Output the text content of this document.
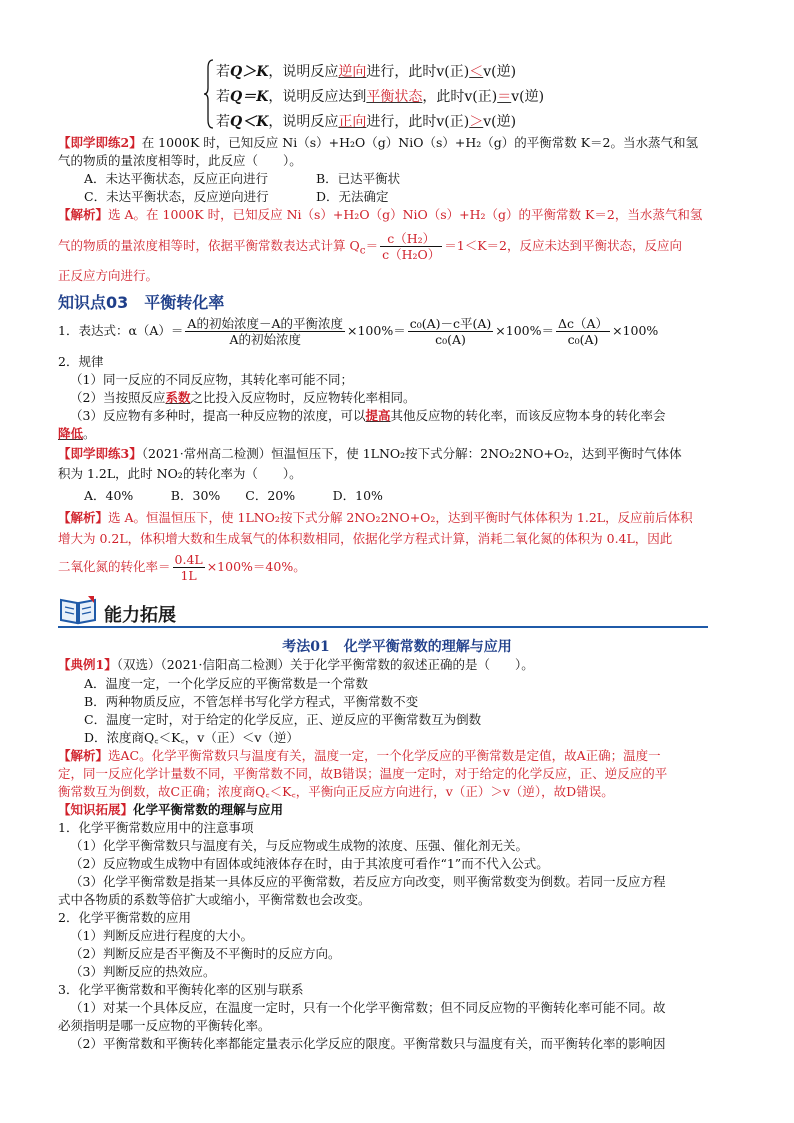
若Q＞K，说明反应逆向进行，此时v(正)＜v(逆)
若Q＝K，说明反应达到平衡状态，此时v(正)＝v(逆)
若Q＜K，说明反应正向进行，此时v(正)＞v(逆)
【即学即练2】在 1000K 时，已知反应 Ni（s）+H₂O（g）NiO（s）+H₂（g）的平衡常数 K＝2。当水蒸气和氢
气的物质的量浓度相等时，此反应（　　）。
A．未达平衡状态，反应正向进行	B．已达平衡状
C．未达平衡状态，反应逆向进行	D．无法确定
【解析】选 A。在 1000K 时，已知反应 Ni（s）+H₂O（g）NiO（s）+H₂（g）的平衡常数 K＝2，当水蒸气和氢
气的物质的量浓度相等时，依据平衡常数表达式计算 $Q_c= \frac{\text{c（H₂）}}{\text{c（H₂O）}} =1<K=2$，反应未达到平衡状态，反应向
正反应方向进行。
知识点03　平衡转化率
1．表达式：$\alpha(A)= \frac{\text{A的初始浓度－A的平衡浓度}}{\text{A的初始浓度}} \times 100\%= \frac{\text{c₀(A)－c平(A)}}{\text{c₀(A)}} \times 100\%= \frac{\Delta c(A)}{\text{c₀(A)}} \times 100\%$
2．规律
（1）同一反应的不同反应物，其转化率可能不同；
（2）当按照反应系数之比投入反应物时，反应物转化率相同。
（3）反应物有多种时，提高一种反应物的浓度，可以提高其他反应物的转化率，而该反应物本身的转化率会
降低。
【即学即练3】（2021·常州高二检测）恒温恒压下，使 1LNO₂按下式分解：2NO₂2NO+O₂，达到平衡时气体体
积为 1.2L，此时 NO₂的转化率为（　　）。
A．40%　　　B．30%　　C．20%　　　D．10%
【解析】选 A。恒温恒压下，使 1LNO₂按下式分解 2NO₂2NO+O₂，达到平衡时气体体积为 1.2L，反应前后体积
增大为 0.2L，体积增大数和生成氧气的体积数相同，依据化学方程式计算，消耗二氧化氮的体积为 0.4L，因此
二氧化氮的转化率＝ $\frac{0.4L}{1L} \times 100\%=40\%$。
能力拓展
考法01　化学平衡常数的理解与应用
【典例1】（双选）（2021·信阳高二检测）关于化学平衡常数的叙述正确的是（　　）。
A．温度一定，一个化学反应的平衡常数是一个常数
B．两种物质反应，不管怎样书写化学方程式，平衡常数不变
C．温度一定时，对于给定的化学反应，正、逆反应的平衡常数互为倒数
D．浓度商Q꜀＜K꜀，v（正）＜v（逆）
【解析】选AC。化学平衡常数只与温度有关，温度一定，一个化学反应的平衡常数是定值，故A正确；温度一
定，同一反应化学计量数不同，平衡常数不同，故B错误；温度一定时，对于给定的化学反应，正、逆反应的平
衡常数互为倒数，故C正确；浓度商Q꜀＜K꜀，平衡向正反应方向进行，v（正）＞v（逆），故D错误。
【知识拓展】化学平衡常数的理解与应用
1．化学平衡常数应用中的注意事项
（1）化学平衡常数只与温度有关，与反应物或生成物的浓度、压强、催化剂无关。
（2）反应物或生成物中有固体或纯液体存在时，由于其浓度可看作“1”而不代入公式。
（3）化学平衡常数是指某一具体反应的平衡常数，若反应方向改变，则平衡常数变为倒数。若同一反应方程
式中各物质的系数等倍扩大或缩小，平衡常数也会改变。
2．化学平衡常数的应用
（1）判断反应进行程度的大小。
（2）判断反应是否平衡及不平衡时的反应方向。
（3）判断反应的热效应。
3．化学平衡常数和平衡转化率的区别与联系
（1）对某一个具体反应，在温度一定时，只有一个化学平衡常数；但不同反应物的平衡转化率可能不同。故
必须指明是哪一反应物的平衡转化率。
（2）平衡常数和平衡转化率都能定量表示化学反应的限度。平衡常数只与温度有关，而平衡转化率的影响因
